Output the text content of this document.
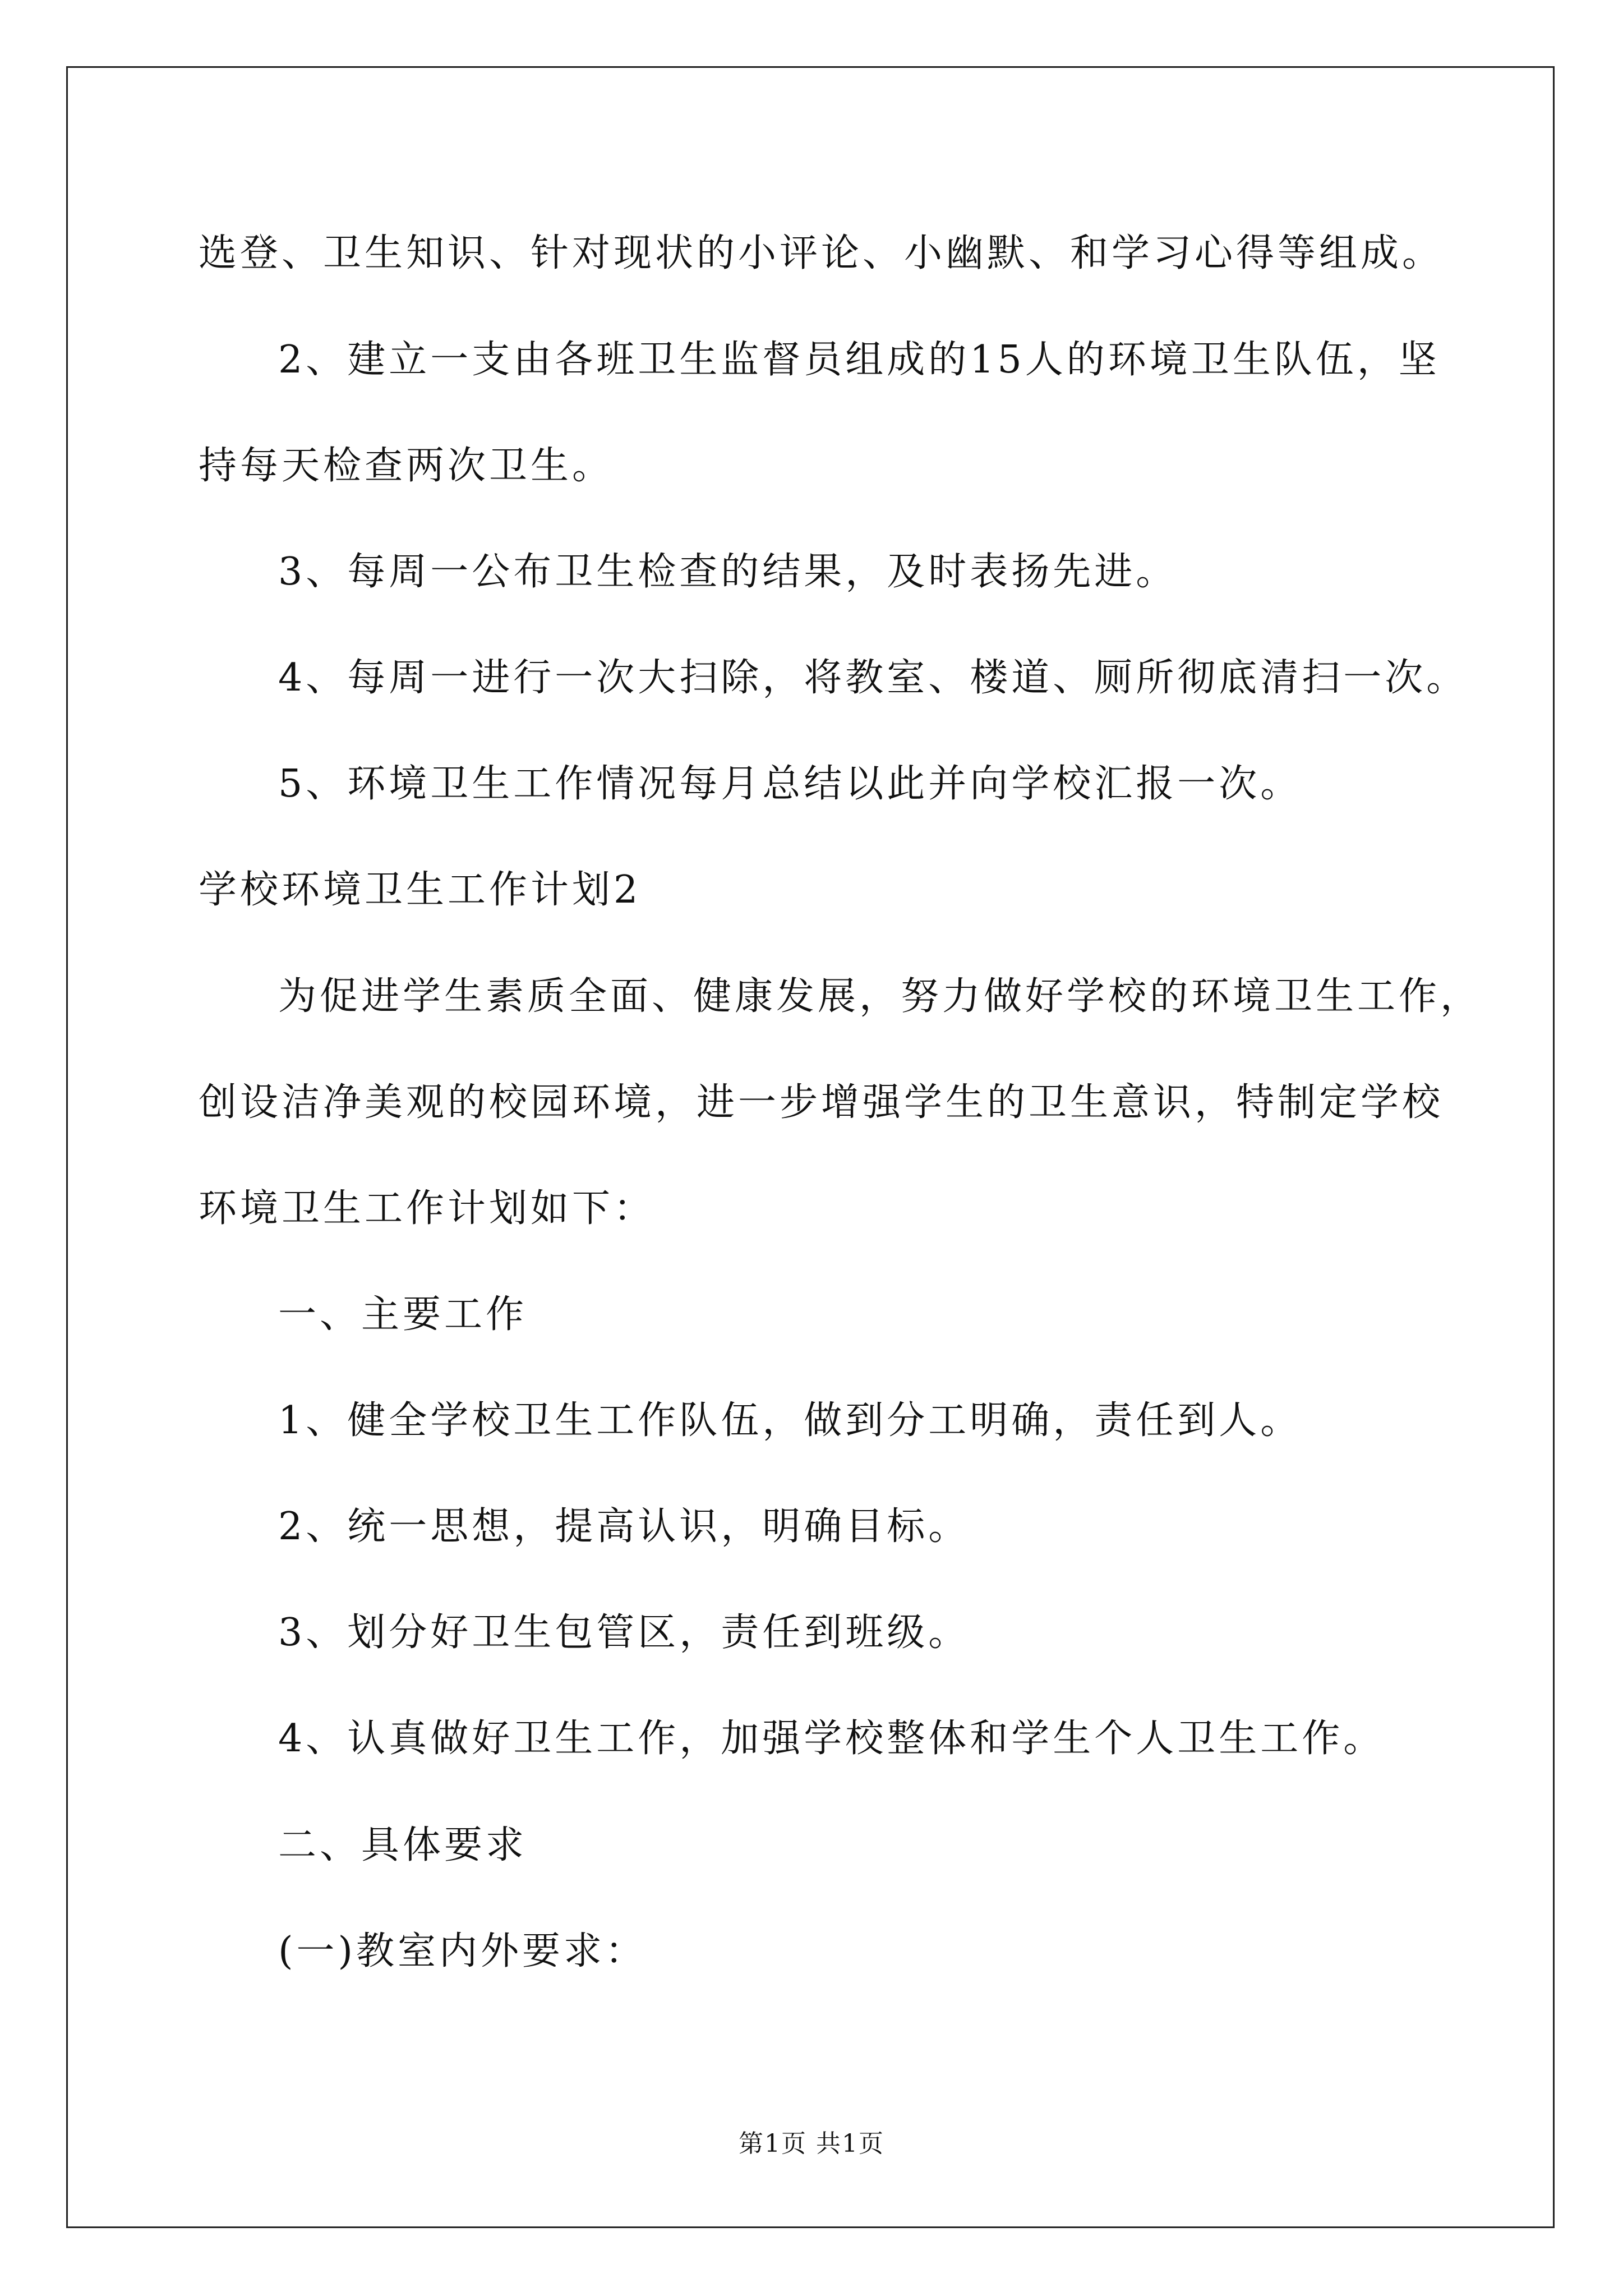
选登、卫生知识、针对现状的小评论、小幽默、和学习心得等组成。
2、建立一支由各班卫生监督员组成的15人的环境卫生队伍，坚
持每天检查两次卫生。
3、每周一公布卫生检查的结果，及时表扬先进。
4、每周一进行一次大扫除，将教室、楼道、厕所彻底清扫一次。
5、环境卫生工作情况每月总结以此并向学校汇报一次。
学校环境卫生工作计划2
为促进学生素质全面、健康发展，努力做好学校的环境卫生工作，
创设洁净美观的校园环境，进一步增强学生的卫生意识，特制定学校
环境卫生工作计划如下：
一、主要工作
1、健全学校卫生工作队伍，做到分工明确，责任到人。
2、统一思想，提高认识，明确目标。
3、划分好卫生包管区，责任到班级。
4、认真做好卫生工作，加强学校整体和学生个人卫生工作。
二、具体要求
(一)教室内外要求：
第1页 共1页
